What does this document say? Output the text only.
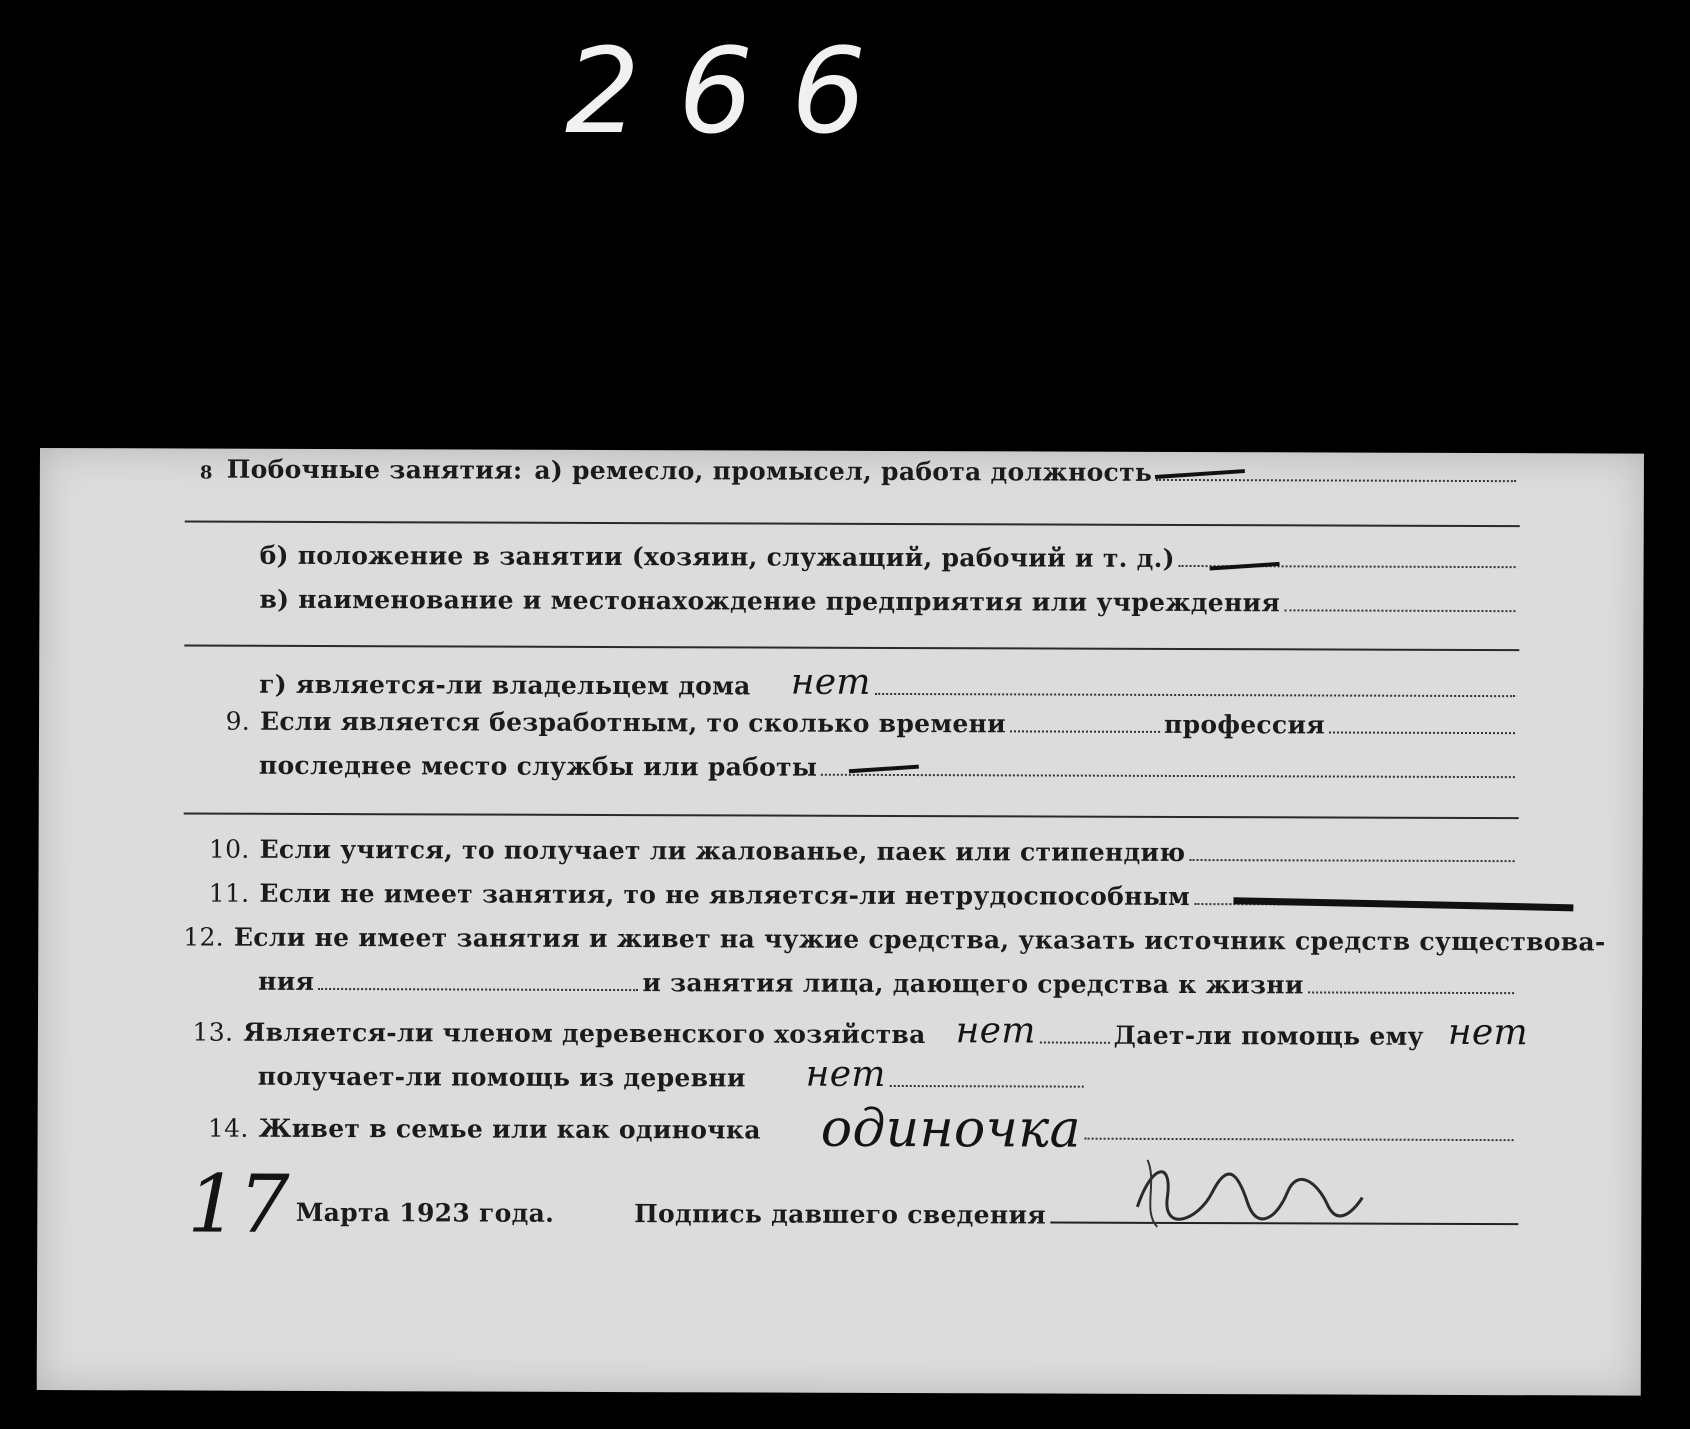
266
8 Побочные занятия: а) ремесло, промысел, работа должность
б) положение в занятии (хозяин, служащий, рабочий и т. д.)
в) наименование и местонахождение предприятия или учреждения
г) является-ли владельцем дома нет
9. Если является безработным, то сколько времени	профессия
последнее место службы или работы
10. Если учится, то получает ли жалованье, паек или стипендию
11. Если не имеет занятия, то не является-ли нетрудоспособным
12. Если не имеет занятия и живет на чужие средства, указать источник средств существова-
ния	и занятия лица, дающего средства к жизни
13. Является-ли членом деревенского хозяйства нет	Дает-ли помощь ему нет
получает-ли помощь из деревни нет
14. Живет в семье или как одиночка одиночка
17 Марта 1923 года.	Подпись давшего сведения
